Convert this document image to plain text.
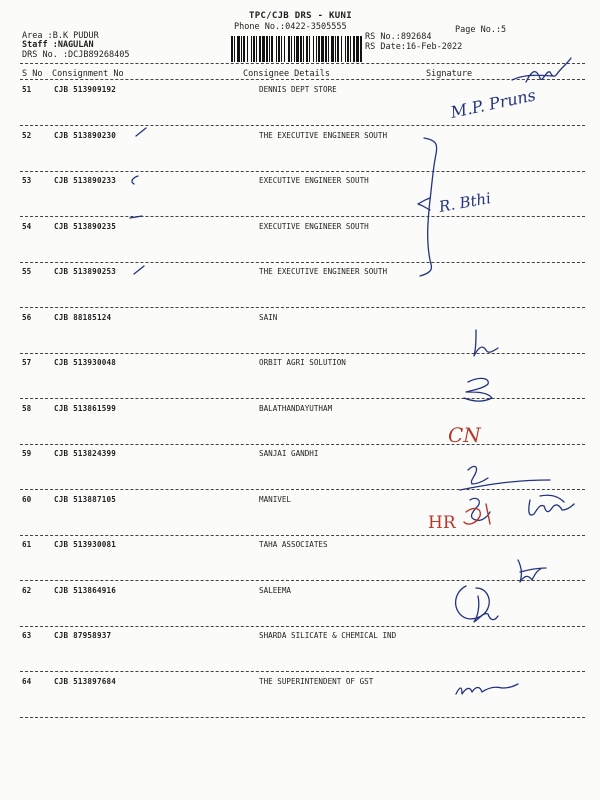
TPC/CJB DRS - KUNI
Phone No.:0422-3505555	Page No.:5
Area :B.K PUDUR
Staff :NAGULAN
DRS No. :DCJB89268405
RS No.:892684
RS Date:16-Feb-2022
S No Consignment No	Consignee Details	Signature
51	CJB 513909192	DENNIS DEPT STORE
52	CJB 513890230	THE EXECUTIVE ENGINEER SOUTH
53	CJB 513890233	EXECUTIVE ENGINEER SOUTH
54	CJB 513890235	EXECUTIVE ENGINEER SOUTH
55	CJB 513890253	THE EXECUTIVE ENGINEER SOUTH
56	CJB 88185124	SAIN
57	CJB 513930048	ORBIT AGRI SOLUTION
58	CJB 513861599	BALATHANDAYUTHAM
59	CJB 513824399	SANJAI GANDHI
60	CJB 513887105	MANIVEL
61	CJB 513930081	TAHA ASSOCIATES
62	CJB 513864916	SALEEMA
63	CJB 87958937	SHARDA SILICATE & CHEMICAL IND
64	CJB 513897684	THE SUPERINTENDENT OF GST
M.P. Pruns
R. Bthi
CN
HR
